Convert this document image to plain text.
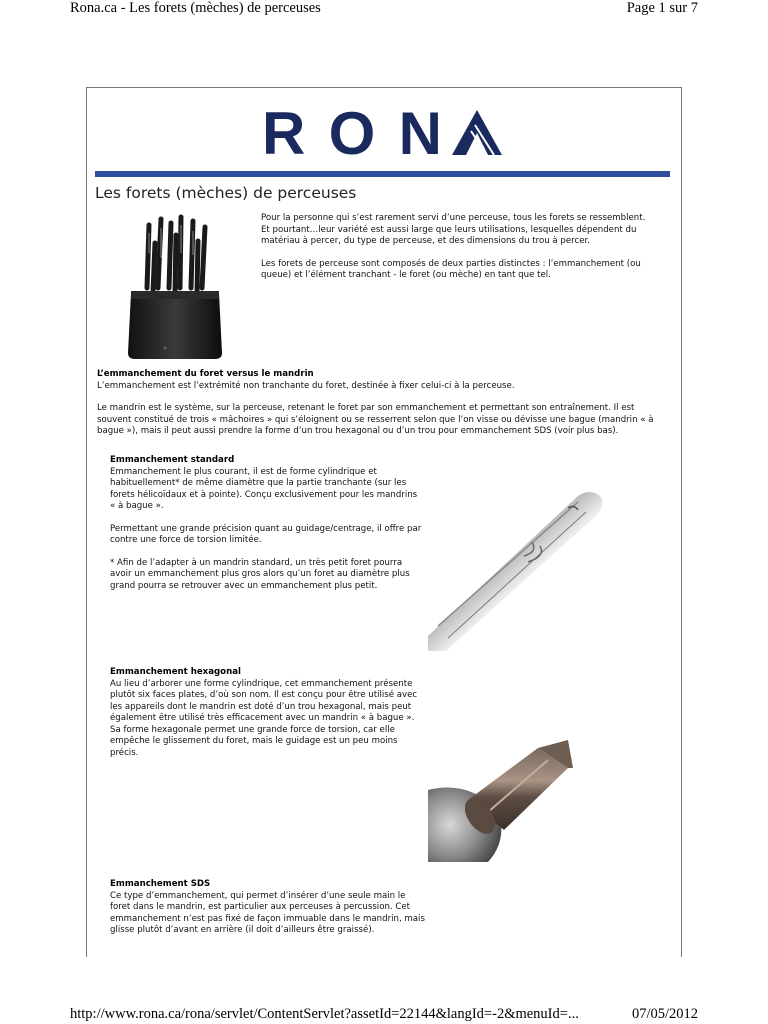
Rona.ca - Les forets (mèches) de perceuses	Page 1 sur 7
RON
Les forets (mèches) de perceuses

Pour la personne qui s’est rarement servi d’une perceuse, tous les forets se ressemblent. Et pourtant…leur variété est aussi large que leurs utilisations, lesquelles dépendent du matériau à percer, du type de perceuse, et des dimensions du trou à percer.

Les forets de perceuse sont composés de deux parties distinctes : l’emmanchement (ou queue) et l’élément tranchant - le foret (ou mèche) en tant que tel.

L’emmanchement du foret versus le mandrin

L’emmanchement est l’extrémité non tranchante du foret, destinée à fixer celui-ci à la perceuse.

Le mandrin est le système, sur la perceuse, retenant le foret par son emmanchement et permettant son entraînement. Il est souvent constitué de trois « mâchoires » qui s’éloignent ou se resserrent selon que l’on visse ou dévisse une bague (mandrin « à bague »), mais il peut aussi prendre la forme d’un trou hexagonal ou d’un trou pour emmanchement SDS (voir plus bas).

Emmanchement standard

Emmanchement le plus courant, il est de forme cylindrique et habituellement* de même diamètre que la partie tranchante (sur les forets hélicoïdaux et à pointe). Conçu exclusivement pour les mandrins « à bague ».

Permettant une grande précision quant au guidage/centrage, il offre par contre une force de torsion limitée.

* Afin de l’adapter à un mandrin standard, un très petit foret pourra avoir un emmanchement plus gros alors qu’un foret au diamètre plus grand pourra se retrouver avec un emmanchement plus petit.

Emmanchement hexagonal

Au lieu d’arborer une forme cylindrique, cet emmanchement présente plutôt six faces plates, d’où son nom. Il est conçu pour être utilisé avec les appareils dont le mandrin est doté d’un trou hexagonal, mais peut également être utilisé très efficacement avec un mandrin « à bague ». Sa forme hexagonale permet une grande force de torsion, car elle empêche le glissement du foret, mais le guidage est un peu moins précis.

Emmanchement SDS

Ce type d’emmanchement, qui permet d’insérer d’une seule main le foret dans le mandrin, est particulier aux perceuses à percussion. Cet emmanchement n’est pas fixé de façon immuable dans le mandrin, mais glisse plutôt d’avant en arrière (il doit d’ailleurs être graissé).

http://www.rona.ca/rona/servlet/ContentServlet?assetId=22144&langId=-2&menuId=...	07/05/2012
